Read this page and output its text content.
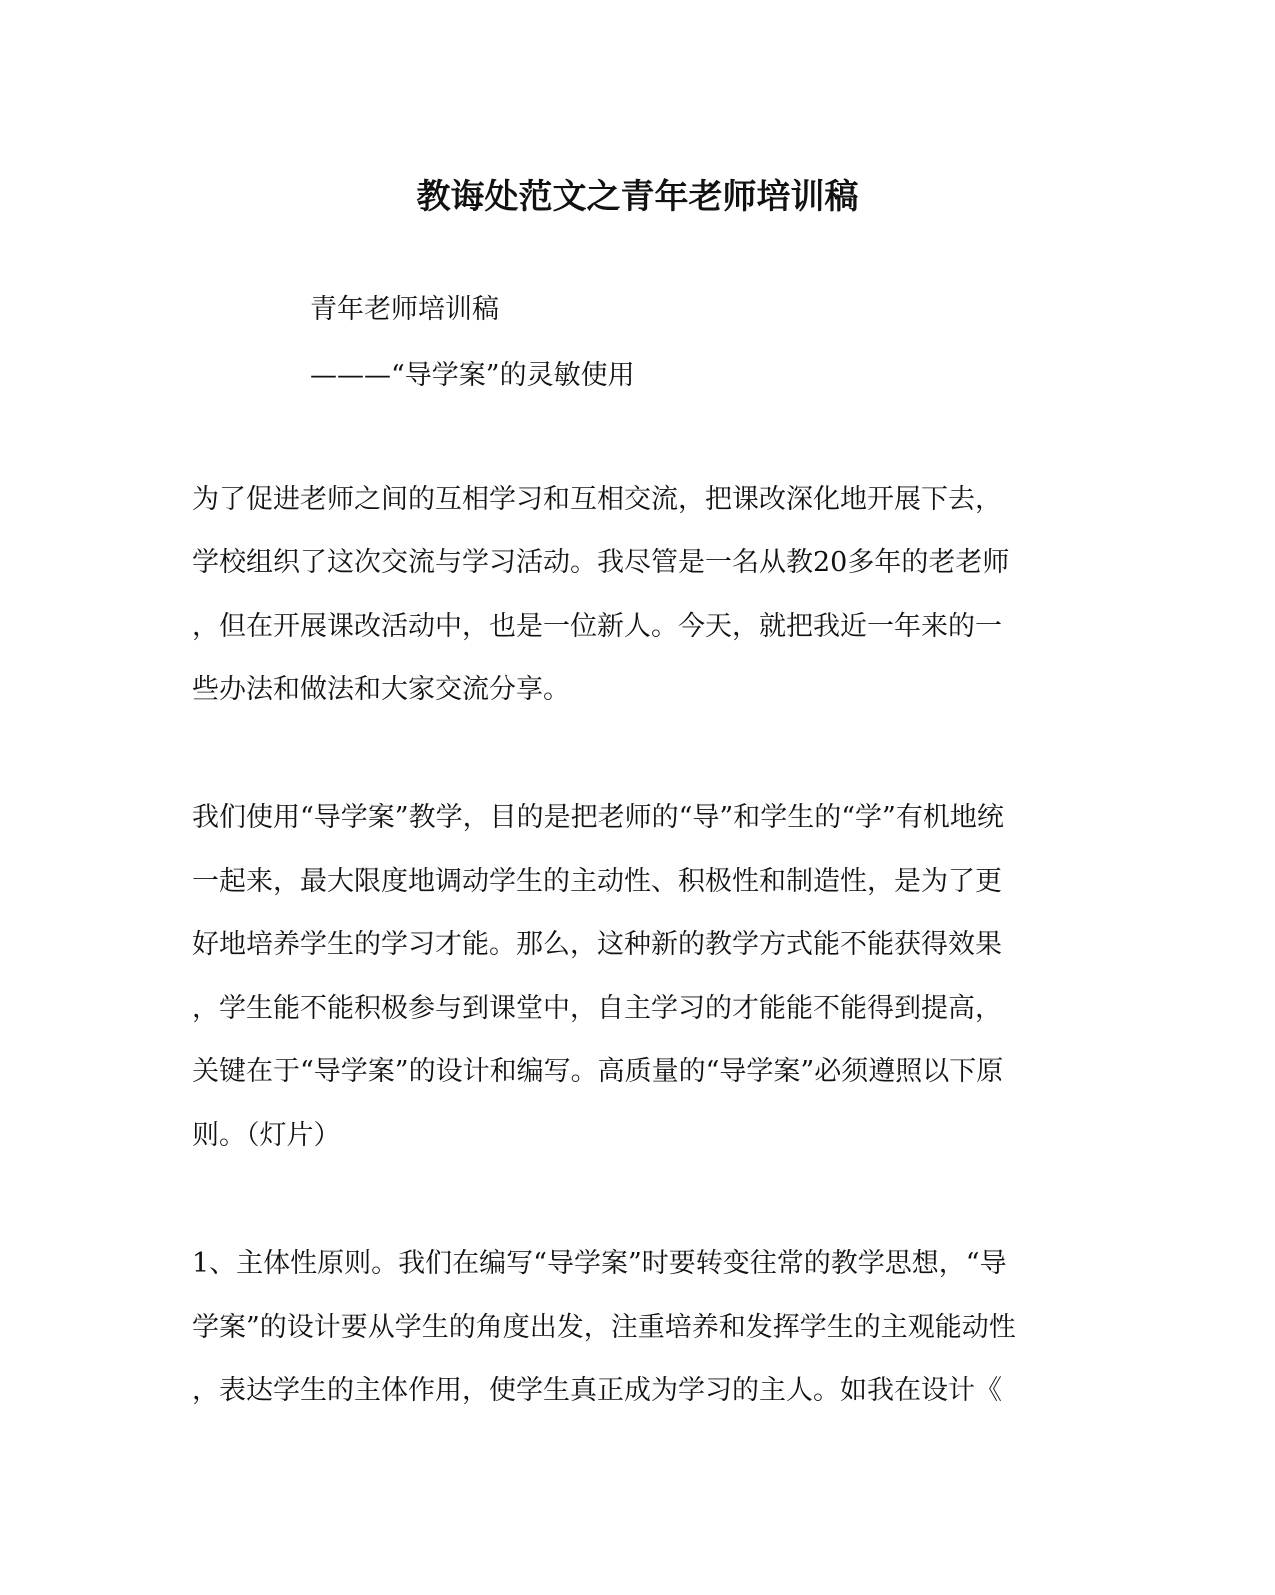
教诲处范文之青年老师培训稿

青年老师培训稿

———“导学案”的灵敏使用

为了促进老师之间的互相学习和互相交流，把课改深化地开展下去，

学校组织了这次交流与学习活动。我尽管是一名从教20多年的老老师

，但在开展课改活动中，也是一位新人。今天，就把我近一年来的一

些办法和做法和大家交流分享。

我们使用“导学案”教学，目的是把老师的“导”和学生的“学”有机地统

一起来，最大限度地调动学生的主动性、积极性和制造性，是为了更

好地培养学生的学习才能。那么，这种新的教学方式能不能获得效果

，学生能不能积极参与到课堂中，自主学习的才能能不能得到提高，

关键在于“导学案”的设计和编写。高质量的“导学案”必须遵照以下原

则。（灯片）

1、主体性原则。我们在编写“导学案”时要转变往常的教学思想，“导

学案”的设计要从学生的角度出发，注重培养和发挥学生的主观能动性

，表达学生的主体作用，使学生真正成为学习的主人。如我在设计《
